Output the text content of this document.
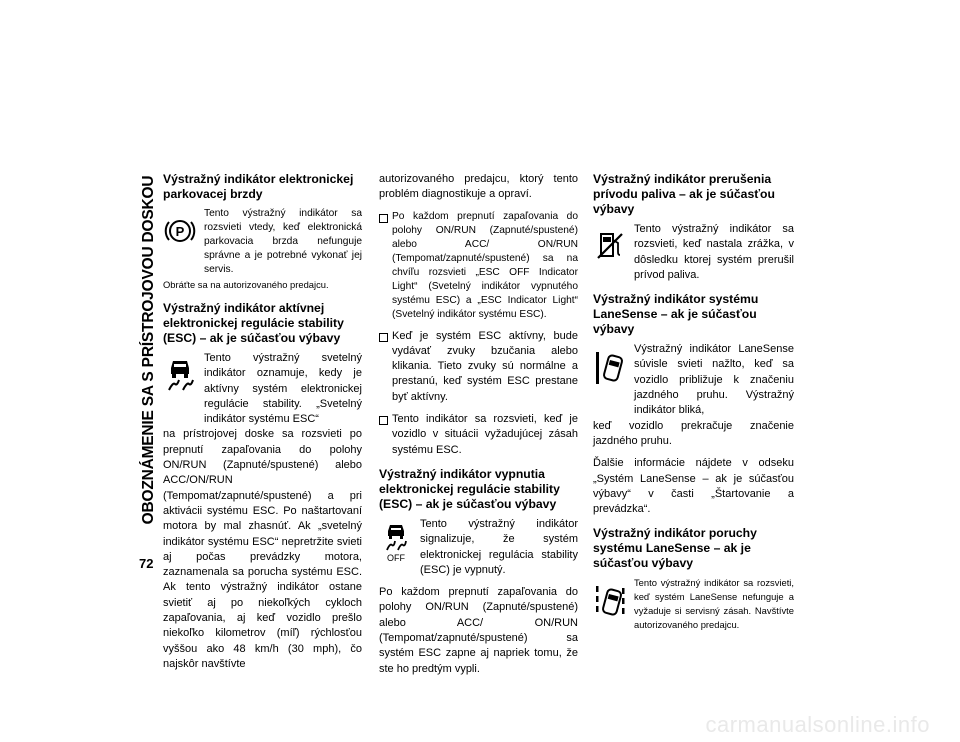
OBOZNÁMENIE SA S PRÍSTROJOVOU DOSKOU
72
Výstražný indikátor elektronickej parkovacej brzdy
P
Tento výstražný indikátor sa rozsvieti vtedy, keď elektronická parkovacia brzda nefunguje správne a je potrebné vykonať jej servis.

Obráťte sa na autorizovaného predajcu.

Výstražný indikátor aktívnej elektronickej regulácie stability (ESC) – ak je súčasťou výbavy
Tento výstražný svetelný indikátor oznamuje, kedy je aktívny systém elektronickej regulácie stability. „Svetelný indikátor systému ESC“

na prístrojovej doske sa rozsvieti po prepnutí zapaľovania do polohy ON/RUN (Zapnuté/spustené) alebo ACC/ON/RUN (Tempomat/zapnuté/spustené) a pri aktivácii systému ESC. Po naštartovaní motora by mal zhasnúť. Ak „svetelný indikátor systému ESC“ nepretržite svieti aj počas prevádzky motora, zaznamenala sa porucha systému ESC. Ak tento výstražný indikátor ostane svietiť aj po niekoľkých cykloch zapaľovania, aj keď vozidlo prešlo niekoľko kilometrov (míľ) rýchlosťou vyššou ako 48 km/h (30 mph), čo najskôr navštívte

autorizovaného predajcu, ktorý tento problém diagnostikuje a opraví.

Po každom prepnutí zapaľovania do polohy ON/RUN (Zapnuté/spustené) alebo ACC/ ON/RUN (Tempomat/zapnuté/spustené) sa na chvíľu rozsvieti „ESC OFF Indicator Light“ (Svetelný indikátor vypnutého systému ESC) a „ESC Indicator Light“ (Svetelný indikátor systému ESC).
Keď je systém ESC aktívny, bude vydávať zvuky bzučania alebo klikania. Tieto zvuky sú normálne a prestanú, keď systém ESC prestane byť aktívny.
Tento indikátor sa rozsvieti, keď je vozidlo v situácii vyžadujúcej zásah systému ESC.
Výstražný indikátor vypnutia elektronickej regulácie stability (ESC) – ak je súčasťou výbavy
OFF
Tento výstražný indikátor signalizuje, že systém elektronickej regulácia stability (ESC) je vypnutý.

Po každom prepnutí zapaľovania do polohy ON/RUN (Zapnuté/spustené) alebo ACC/ ON/RUN (Tempomat/zapnuté/spustené) sa systém ESC zapne aj napriek tomu, že ste ho predtým vypli.

Výstražný indikátor prerušenia prívodu paliva – ak je súčasťou výbavy
Tento výstražný indikátor sa rozsvieti, keď nastala zrážka, v dôsledku ktorej systém prerušil prívod paliva.
Výstražný indikátor systému LaneSense – ak je súčasťou výbavy
Výstražný indikátor LaneSense súvisle svieti nažlto, keď sa vozidlo približuje k značeniu jazdného pruhu. Výstražný indikátor bliká,

keď vozidlo prekračuje značenie jazdného pruhu.

Ďalšie informácie nájdete v odseku „Systém LaneSense – ak je súčasťou výbavy“ v časti „Štartovanie a prevádzka“.

Výstražný indikátor poruchy systému LaneSense – ak je súčasťou výbavy
Tento výstražný indikátor sa rozsvieti, keď systém LaneSense nefunguje a vyžaduje si servisný zásah. Navštívte autorizovaného predajcu.
carmanualsonline.info
